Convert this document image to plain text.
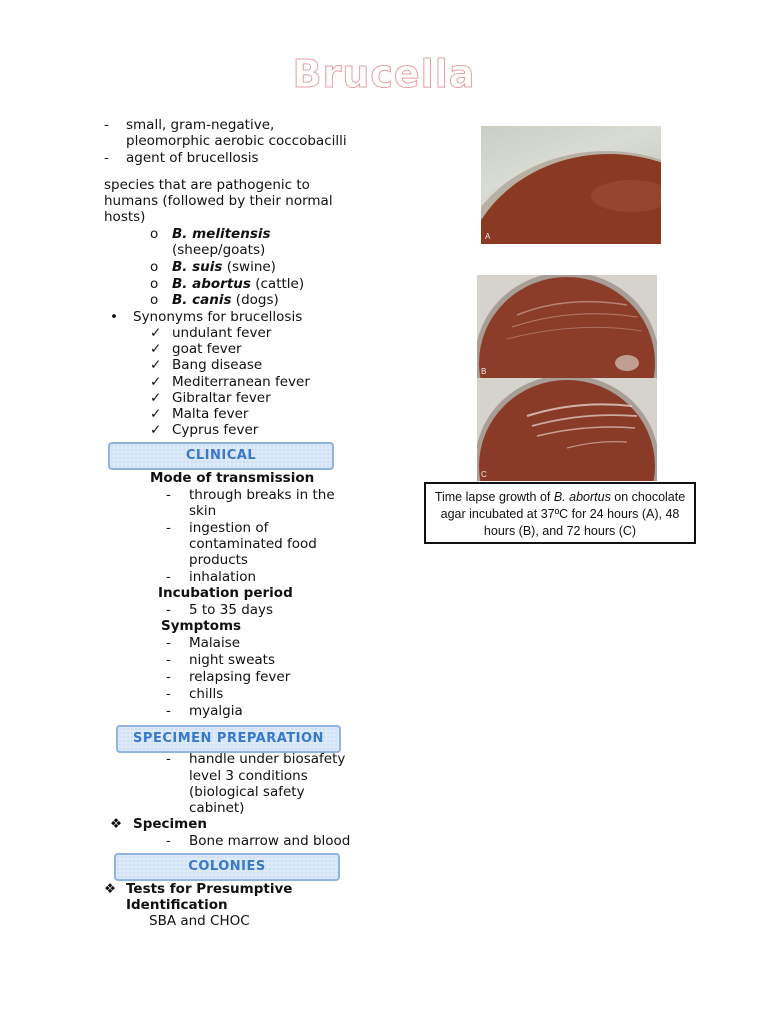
Brucella
- small, gram-negative,
pleomorphic aerobic coccobacilli
- agent of brucellosis
species that are pathogenic to
humans (followed by their normal
hosts)
o B. melitensis
(sheep/goats)
o B. suis (swine)
o B. abortus (cattle)
o B. canis (dogs)
• Synonyms for brucellosis
✓ undulant fever
✓ goat fever
✓ Bang disease
✓ Mediterranean fever
✓ Gibraltar fever
✓ Malta fever
✓ Cyprus fever
CLINICAL
Mode of transmission
- through breaks in the
skin
- ingestion of
contaminated food
products
- inhalation
Incubation period
- 5 to 35 days
Symptoms
- Malaise
- night sweats
- relapsing fever
- chills
- myalgia
SPECIMEN PREPARATION
- handle under biosafety
level 3 conditions
(biological safety
cabinet)
❖ Specimen
- Bone marrow and blood
COLONIES
❖ Tests for Presumptive
Identification
SBA and CHOC
A
B
C
Time lapse growth of B. abortus on chocolate
agar incubated at 37ºC for 24 hours (A), 48
hours (B), and 72 hours (C)
